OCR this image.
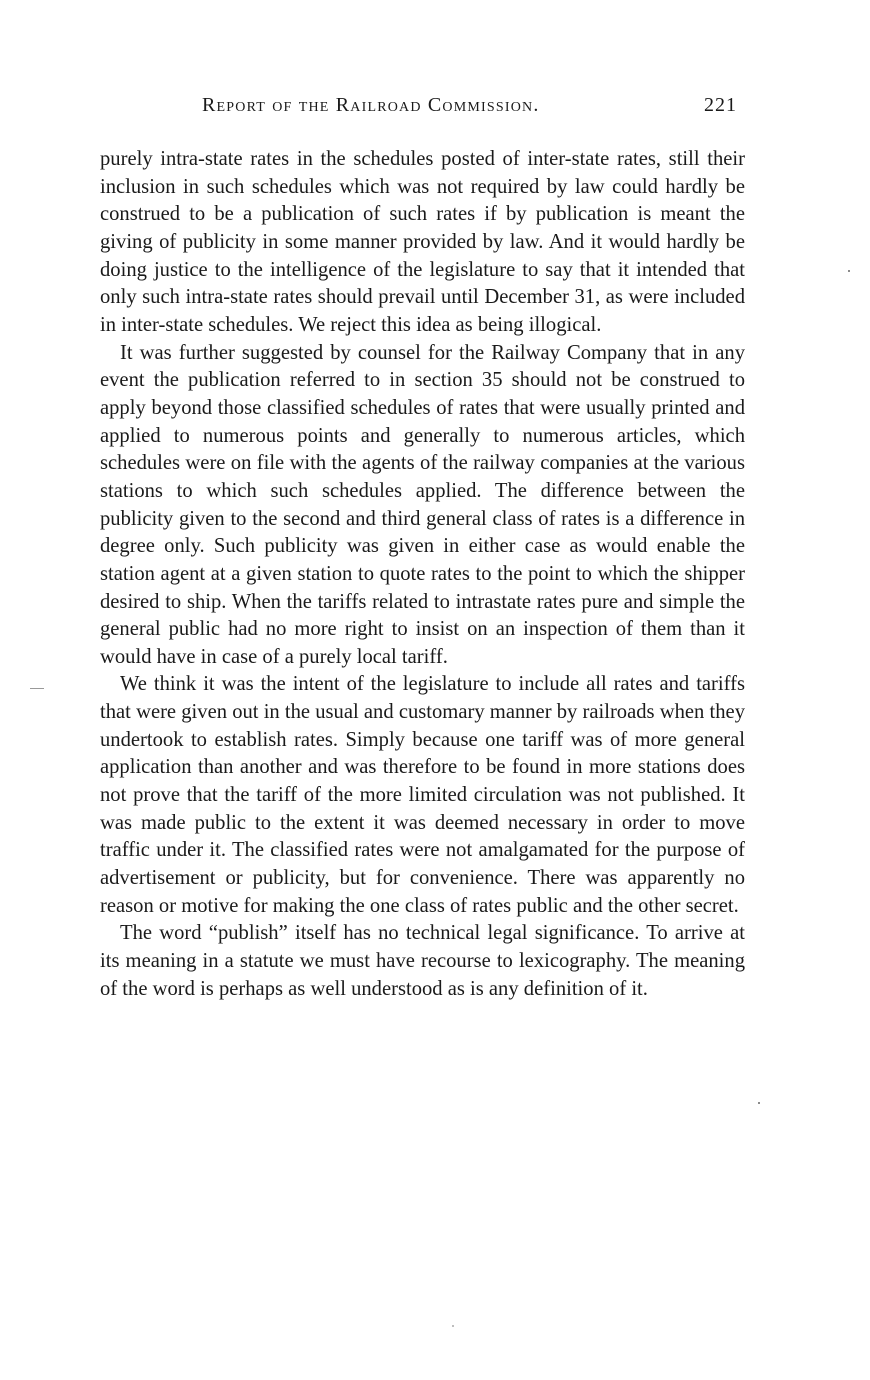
Report of the Railroad Commission.	221

purely intra-state rates in the schedules posted of inter-state rates, still their inclusion in such schedules which was not required by law could hardly be construed to be a publication of such rates if by publication is meant the giving of publicity in some manner provided by law. And it would hardly be doing justice to the intelligence of the legislature to say that it intended that only such intra-state rates should prevail until December 31, as were included in inter-state schedules. We reject this idea as being illogical.

It was further suggested by counsel for the Railway Company that in any event the publication referred to in section 35 should not be construed to apply beyond those classified schedules of rates that were usually printed and applied to numerous points and generally to numerous articles, which schedules were on file with the agents of the railway companies at the various stations to which such schedules applied. The difference between the publicity given to the second and third general class of rates is a difference in degree only. Such publicity was given in either case as would enable the station agent at a given station to quote rates to the point to which the shipper desired to ship. When the tariffs related to intrastate rates pure and simple the general public had no more right to insist on an inspection of them than it would have in case of a purely local tariff.

We think it was the intent of the legislature to include all rates and tariffs that were given out in the usual and customary manner by railroads when they undertook to establish rates. Simply because one tariff was of more general application than another and was therefore to be found in more stations does not prove that the tariff of the more limited circulation was not published. It was made public to the extent it was deemed necessary in order to move traffic under it. The classified rates were not amalgamated for the purpose of advertisement or publicity, but for convenience. There was apparently no reason or motive for making the one class of rates public and the other secret.

The word “publish” itself has no technical legal significance. To arrive at its meaning in a statute we must have recourse to lexicography. The meaning of the word is perhaps as well understood as is any definition of it.
